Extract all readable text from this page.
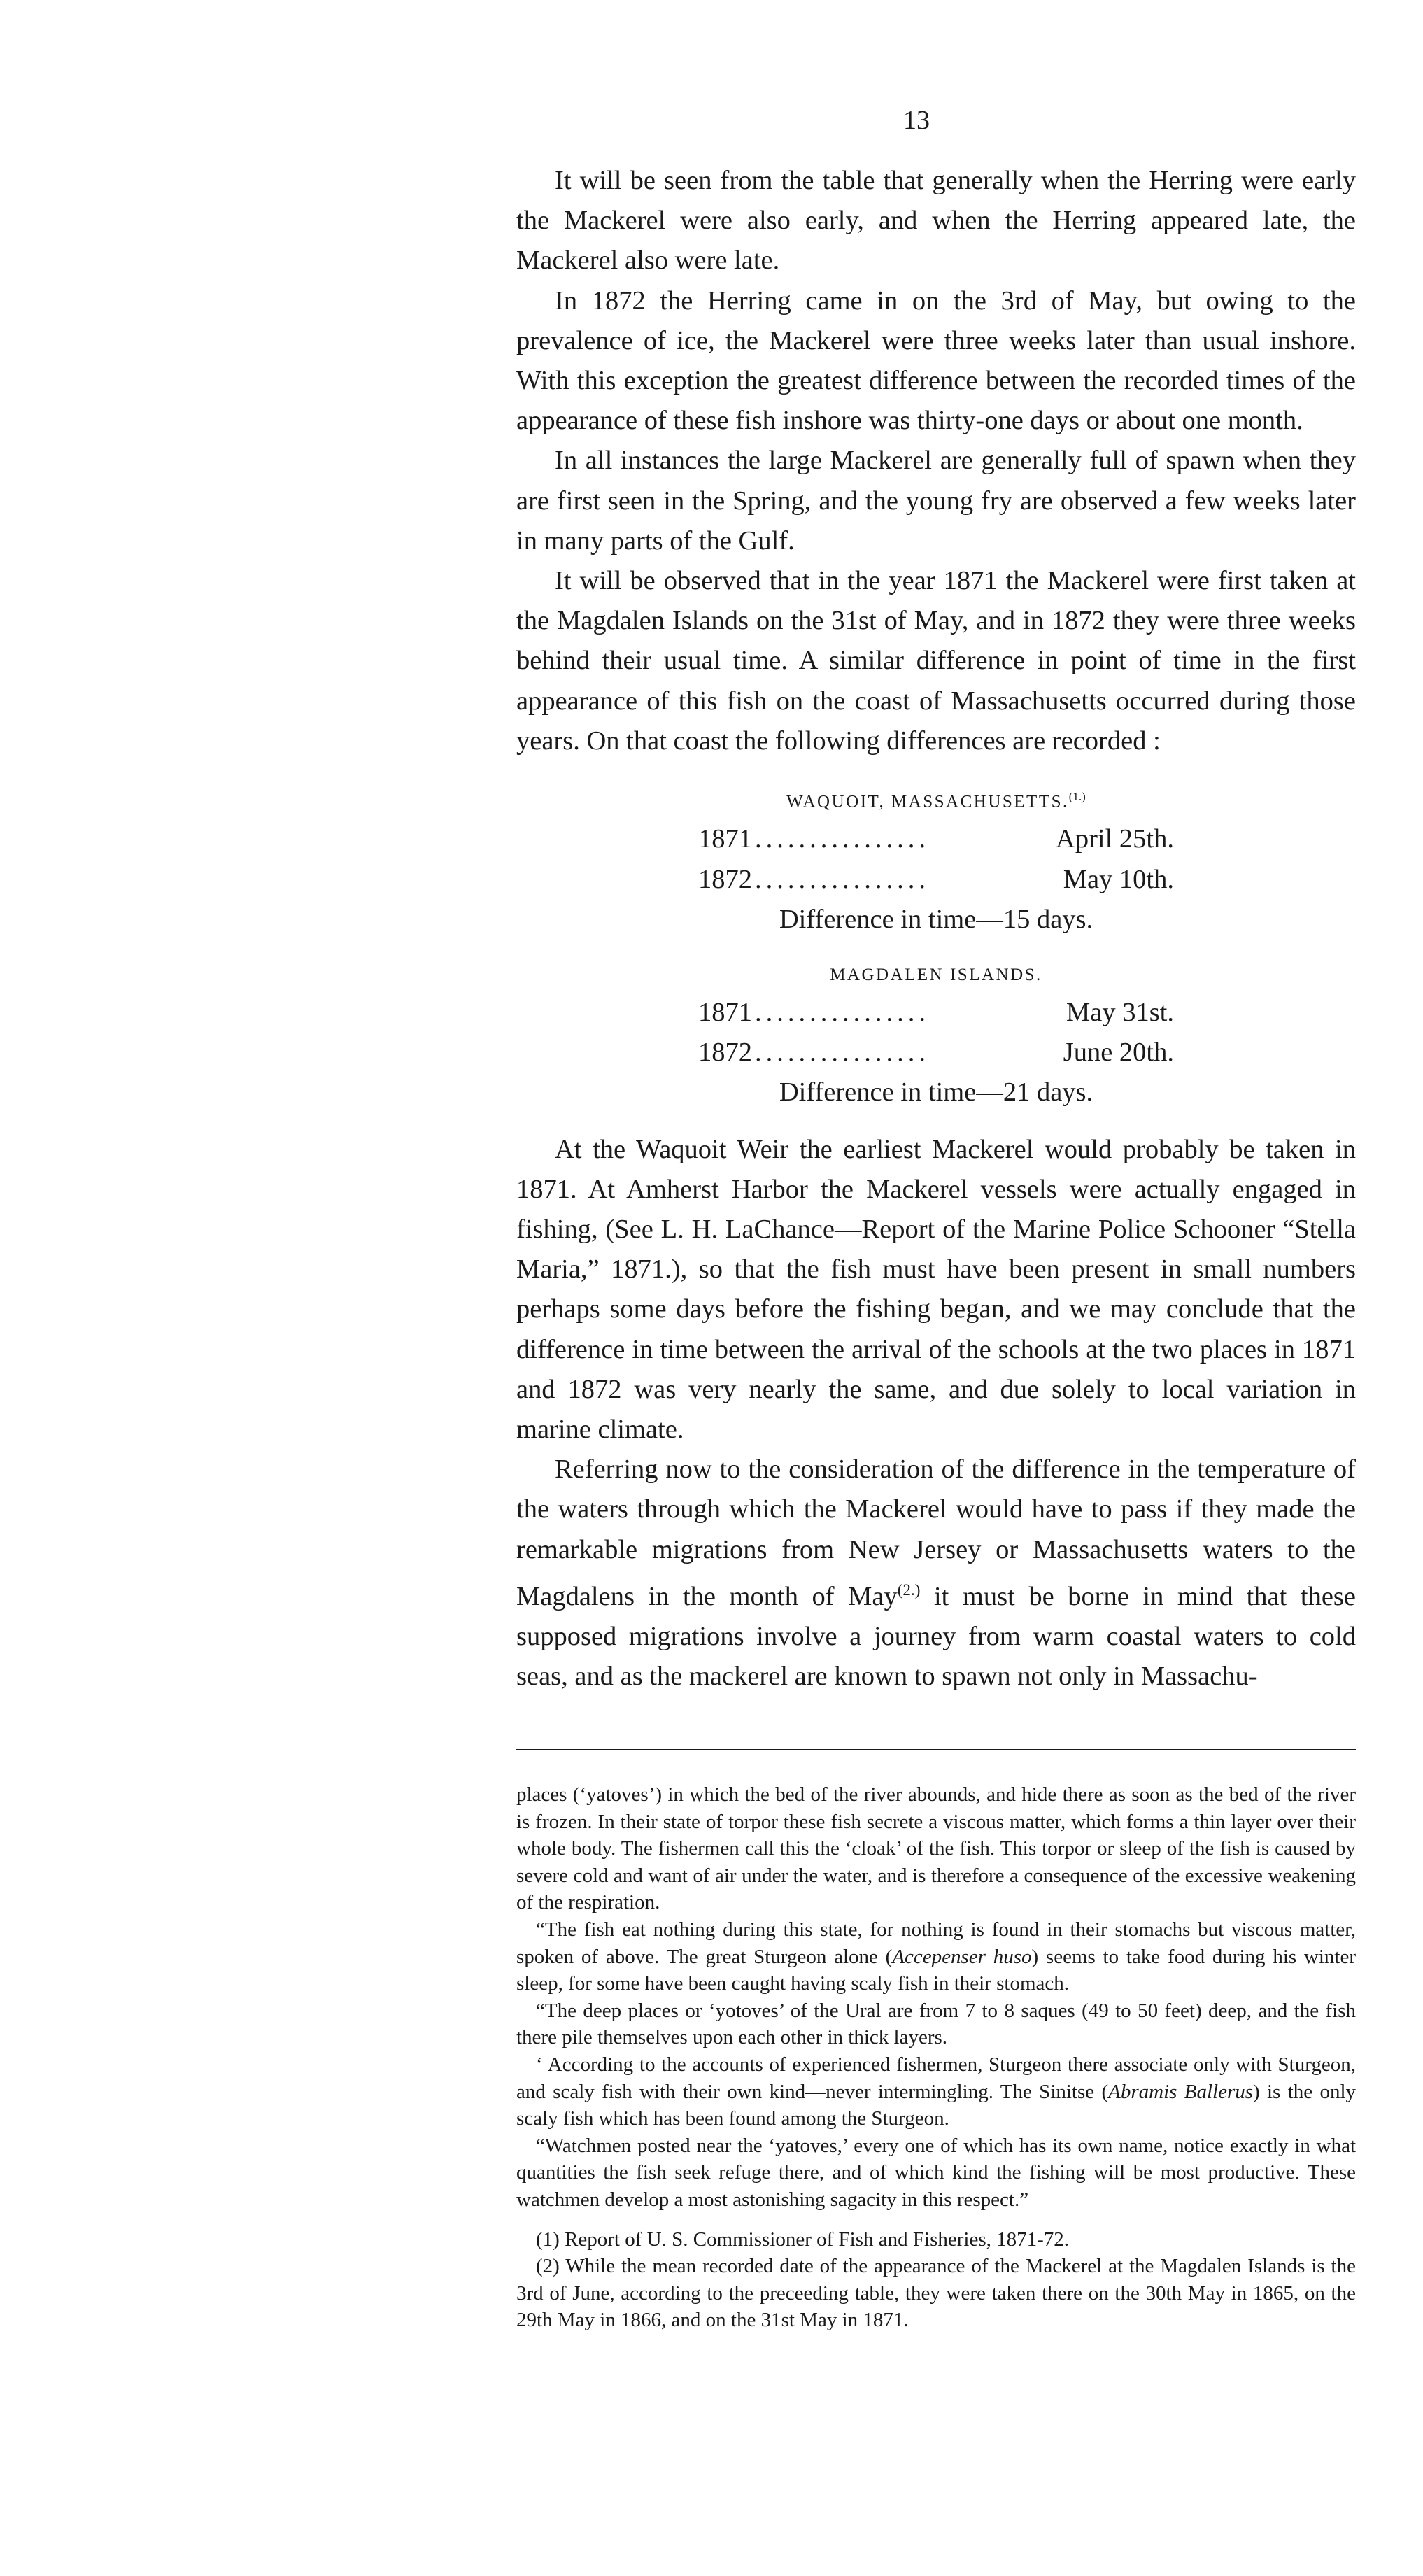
13

It will be seen from the table that generally when the Herring were early the Mackerel were also early, and when the Herring appeared late, the Mackerel also were late.

In 1872 the Herring came in on the 3rd of May, but owing to the prevalence of ice, the Mackerel were three weeks later than usual inshore. With this exception the greatest difference between the recorded times of the appearance of these fish inshore was thirty-one days or about one month.

In all instances the large Mackerel are generally full of spawn when they are first seen in the Spring, and the young fry are observed a few weeks later in many parts of the Gulf.

It will be observed that in the year 1871 the Mackerel were first taken at the Magdalen Islands on the 31st of May, and in 1872 they were three weeks behind their usual time. A similar difference in point of time in the first appearance of this fish on the coast of Massachusetts occurred during those years. On that coast the following differences are recorded :

WAQUOIT, MASSACHUSETTS.$^{(1.)}$
1871 ................	April 25th.
1872 ................	May 10th.
Difference in time—15 days.
MAGDALEN ISLANDS.
1871 ................	May 31st.
1872 ................	June 20th.
Difference in time—21 days.

At the Waquoit Weir the earliest Mackerel would probably be taken in 1871. At Amherst Harbor the Mackerel vessels were actually engaged in fishing, (See L. H. LaChance—Report of the Marine Police Schooner “Stella Maria,” 1871.), so that the fish must have been present in small numbers perhaps some days before the fishing began, and we may conclude that the difference in time between the arrival of the schools at the two places in 1871 and 1872 was very nearly the same, and due solely to local variation in marine climate.

Referring now to the consideration of the difference in the temperature of the waters through which the Mackerel would have to pass if they made the remarkable migrations from New Jersey or Massachusetts waters to the Magdalens in the month of May$^{(2.)}$ it must be borne in mind that these supposed migrations involve a journey from warm coastal waters to cold seas, and as the mackerel are known to spawn not only in Massachu-

places (‘yatoves’) in which the bed of the river abounds, and hide there as soon as the bed of the river is frozen. In their state of torpor these fish secrete a viscous matter, which forms a thin layer over their whole body. The fishermen call this the ‘cloak’ of the fish. This torpor or sleep of the fish is caused by severe cold and want of air under the water, and is therefore a consequence of the excessive weakening of the respiration.

“The fish eat nothing during this state, for nothing is found in their stomachs but viscous matter, spoken of above. The great Sturgeon alone (Accepenser huso) seems to take food during his winter sleep, for some have been caught having scaly fish in their stomach.

“The deep places or ‘yotoves’ of the Ural are from 7 to 8 saques (49 to 50 feet) deep, and the fish there pile themselves upon each other in thick layers.

‘ According to the accounts of experienced fishermen, Sturgeon there associate only with Sturgeon, and scaly fish with their own kind—never intermingling. The Sinitse (Abramis Ballerus) is the only scaly fish which has been found among the Sturgeon.

“Watchmen posted near the ‘yatoves,’ every one of which has its own name, notice exactly in what quantities the fish seek refuge there, and of which kind the fishing will be most productive. These watchmen develop a most astonishing sagacity in this respect.”

(1) Report of U. S. Commissioner of Fish and Fisheries, 1871-72.

(2) While the mean recorded date of the appearance of the Mackerel at the Magdalen Islands is the 3rd of June, according to the preceeding table, they were taken there on the 30th May in 1865, on the 29th May in 1866, and on the 31st May in 1871.
